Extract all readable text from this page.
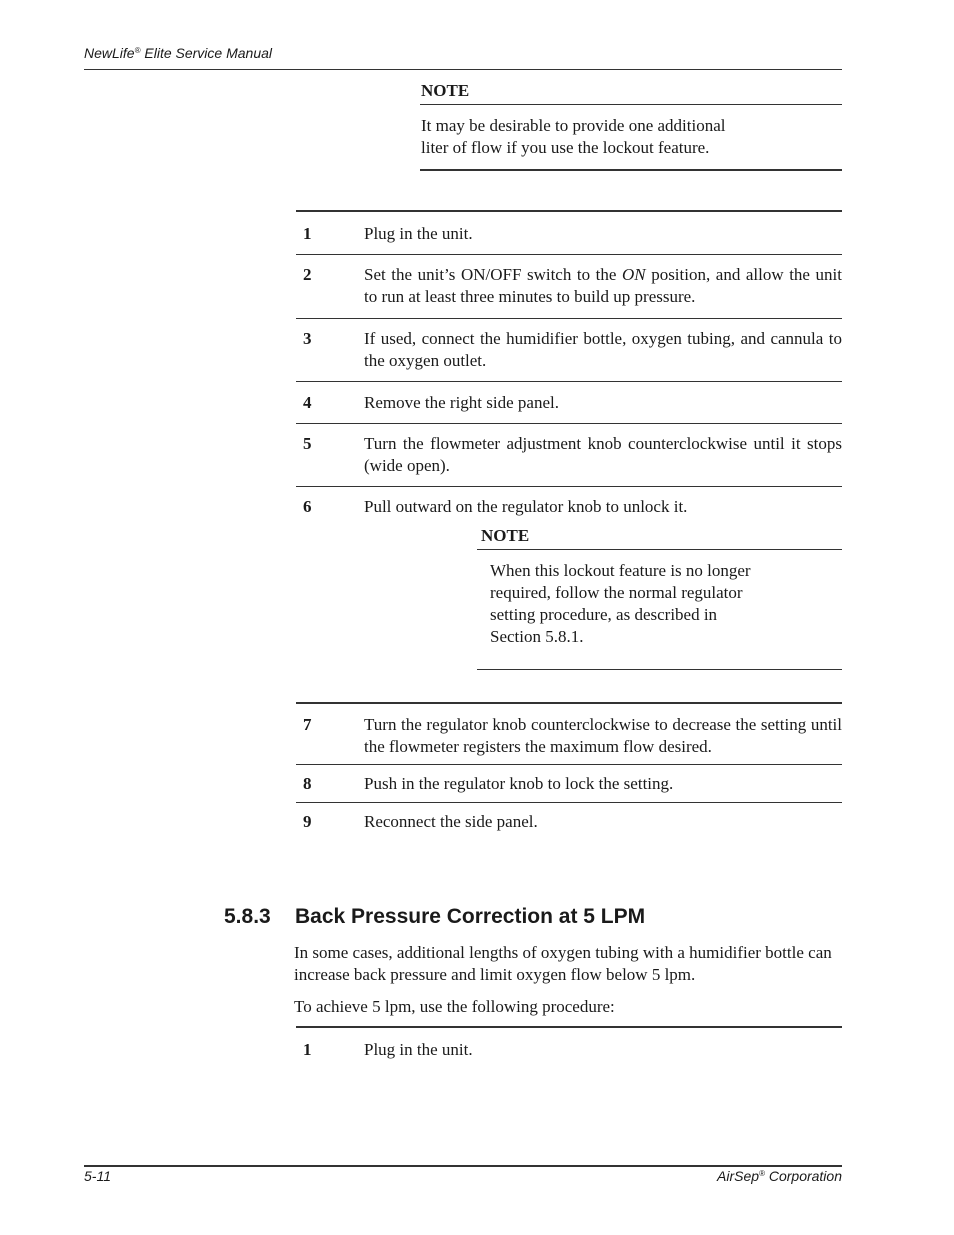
NewLife® Elite Service Manual
NOTE
It may be desirable to provide one additional
liter of flow if you use the lockout feature.
1	Plug in the unit.
2	Set the unit’s ON/OFF switch to the ON position, and allow the unit to run at least three minutes to build up pressure.
3	If used, connect the humidifier bottle, oxygen tubing, and cannula to the oxygen outlet.
4	Remove the right side panel.
5	Turn the flowmeter adjustment knob counterclockwise until it stops (wide open).
6	Pull outward on the regulator knob to unlock it.
NOTE
When this lockout feature is no longer
required, follow the normal regulator
setting procedure, as described in
Section 5.8.1.
7	Turn the regulator knob counterclockwise to decrease the setting until the flowmeter registers the maximum flow desired.
8	Push in the regulator knob to lock the setting.
9	Reconnect the side panel.
5.8.3 Back Pressure Correction at 5 LPM
In some cases, additional lengths of oxygen tubing with a humidifier bottle can increase back pressure and limit oxygen flow below 5 lpm.
To achieve 5 lpm, use the following procedure:
1	Plug in the unit.
5-11	AirSep® Corporation
